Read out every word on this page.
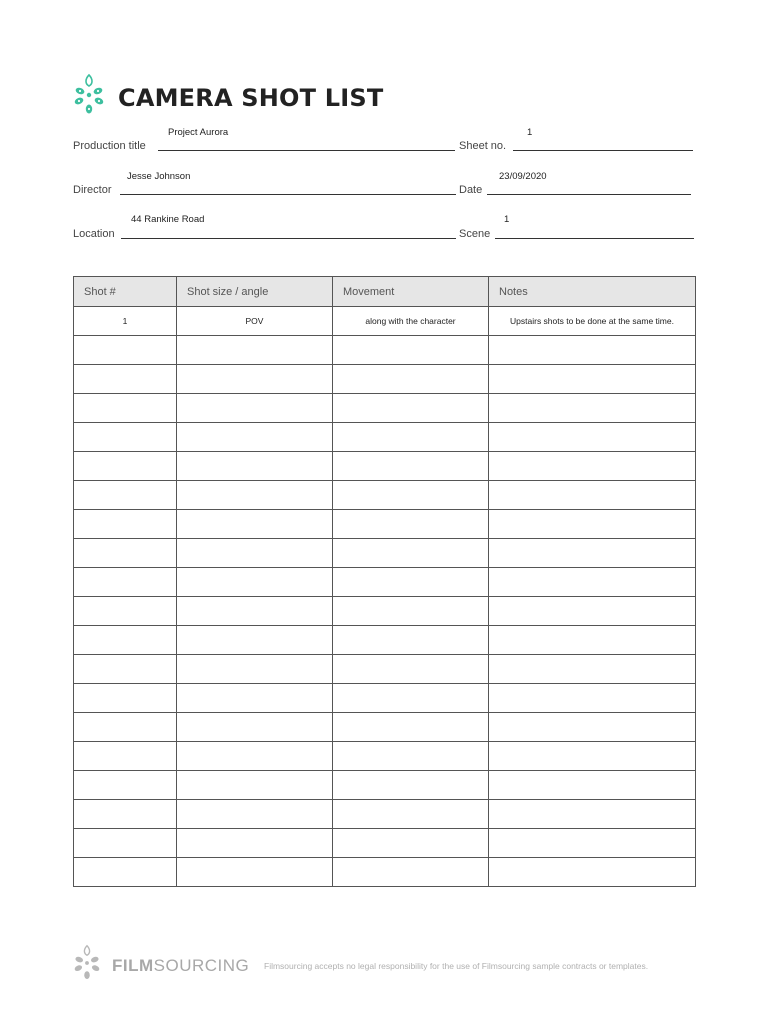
CAMERA SHOT LIST
Project Aurora
Production title
1
Sheet no.
Jesse Johnson
Director
23/09/2020
Date
44 Rankine Road
Location
1
Scene
Shot #	Shot size / angle	Movement	Notes
1	POV	along with the character	Upstairs shots to be done at the same time.

FILMSOURCING Filmsourcing accepts no legal responsibility for the use of Filmsourcing sample contracts or templates.
